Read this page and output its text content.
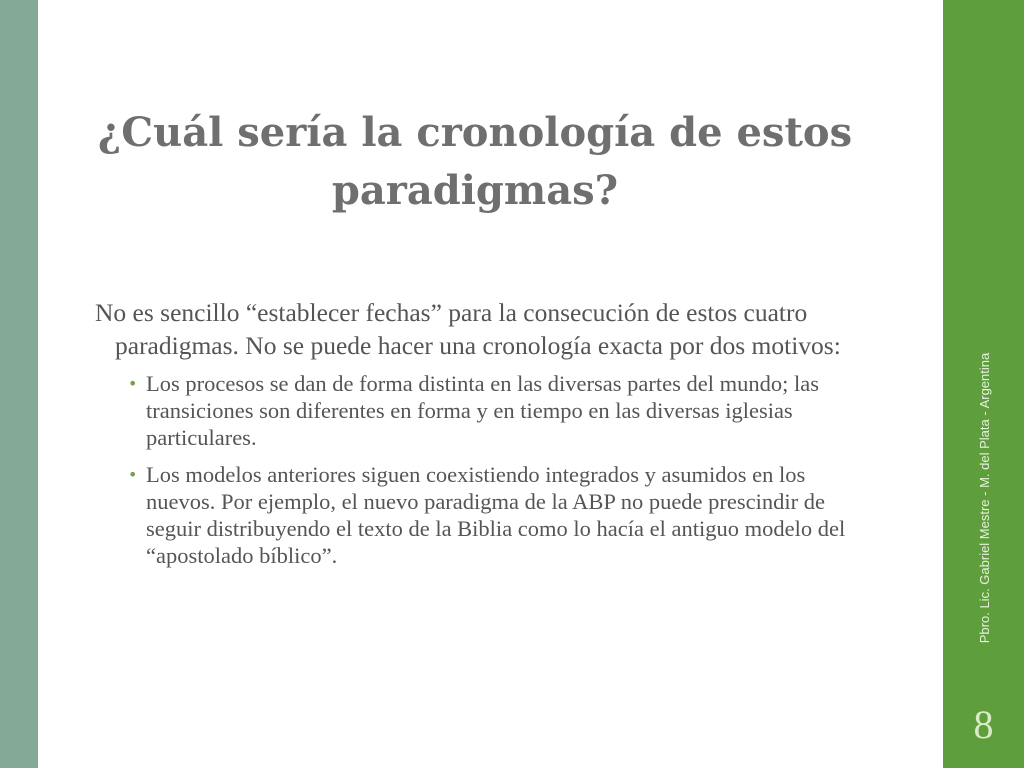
¿Cuál sería la cronología de estos paradigmas?

No es sencillo “establecer fechas” para la consecución de estos cuatro paradigmas. No se puede hacer una cronología exacta por dos motivos:

• Los procesos se dan de forma distinta en las diversas partes del mundo; las transiciones son diferentes en forma y en tiempo en las diversas iglesias particulares.
• Los modelos anteriores siguen coexistiendo integrados y asumidos en los nuevos. Por ejemplo, el nuevo paradigma de la ABP no puede prescindir de seguir distribuyendo el texto de la Biblia como lo hacía el antiguo modelo del “apostolado bíblico”.	Pbro. Lic. Gabriel Mestre - M. del Plata - Argentina
8
